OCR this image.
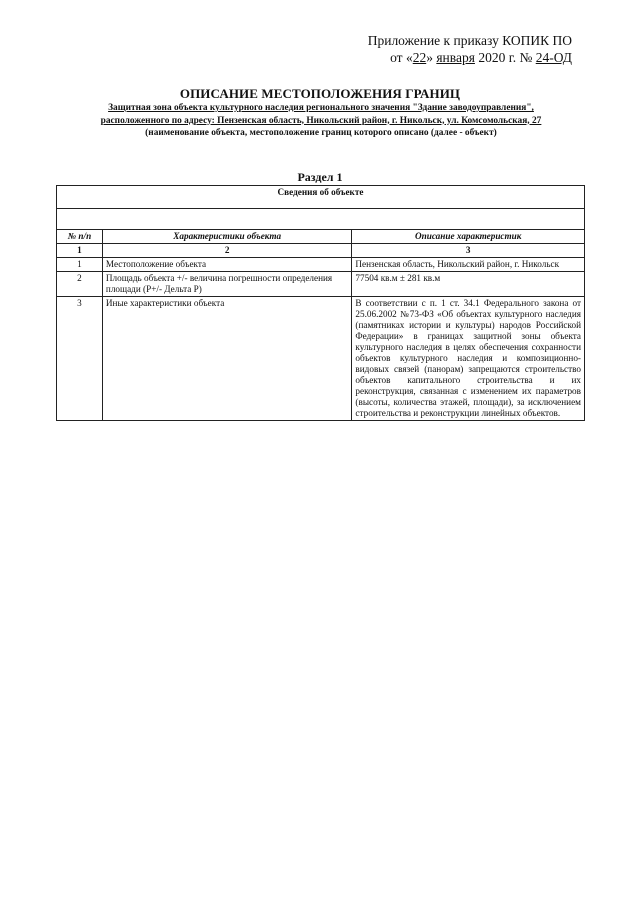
Приложение к приказу КОПИК ПО
от «22» января 2020 г. № 24-ОД
ОПИСАНИЕ МЕСТОПОЛОЖЕНИЯ ГРАНИЦ
Защитная зона объекта культурного наследия регионального значения "Здание заводоуправления",
расположенного по адресу: Пензенская область, Никольский район, г. Никольск, ул. Комсомольская, 27
(наименование объекта, местоположение границ которого описано (далее - объект)
Раздел 1
Сведения об объекте		

№ п/п	Характеристики объекта	Описание характеристик
1	2	3
1	Местоположение объекта	Пензенская область, Никольский район, г. Никольск
2	Площадь объекта +/- величина погрешности определения площади (P+/- Дельта P)	77504 кв.м ± 281 кв.м
3	Иные характеристики объекта	В соответствии с п. 1 ст. 34.1 Федерального закона от 25.06.2002 №73-ФЗ «Об объектах культурного наследия (памятниках истории и культуры) народов Российской Федерации» в границах защитной зоны объекта культурного наследия в целях обеспечения сохранности объектов культурного наследия и композиционно-видовых связей (панорам) запрещаются строительство объектов капитального строительства и их реконструкция, связанная с изменением их параметров (высоты, количества этажей, площади), за исключением строительства и реконструкции линейных объектов.
